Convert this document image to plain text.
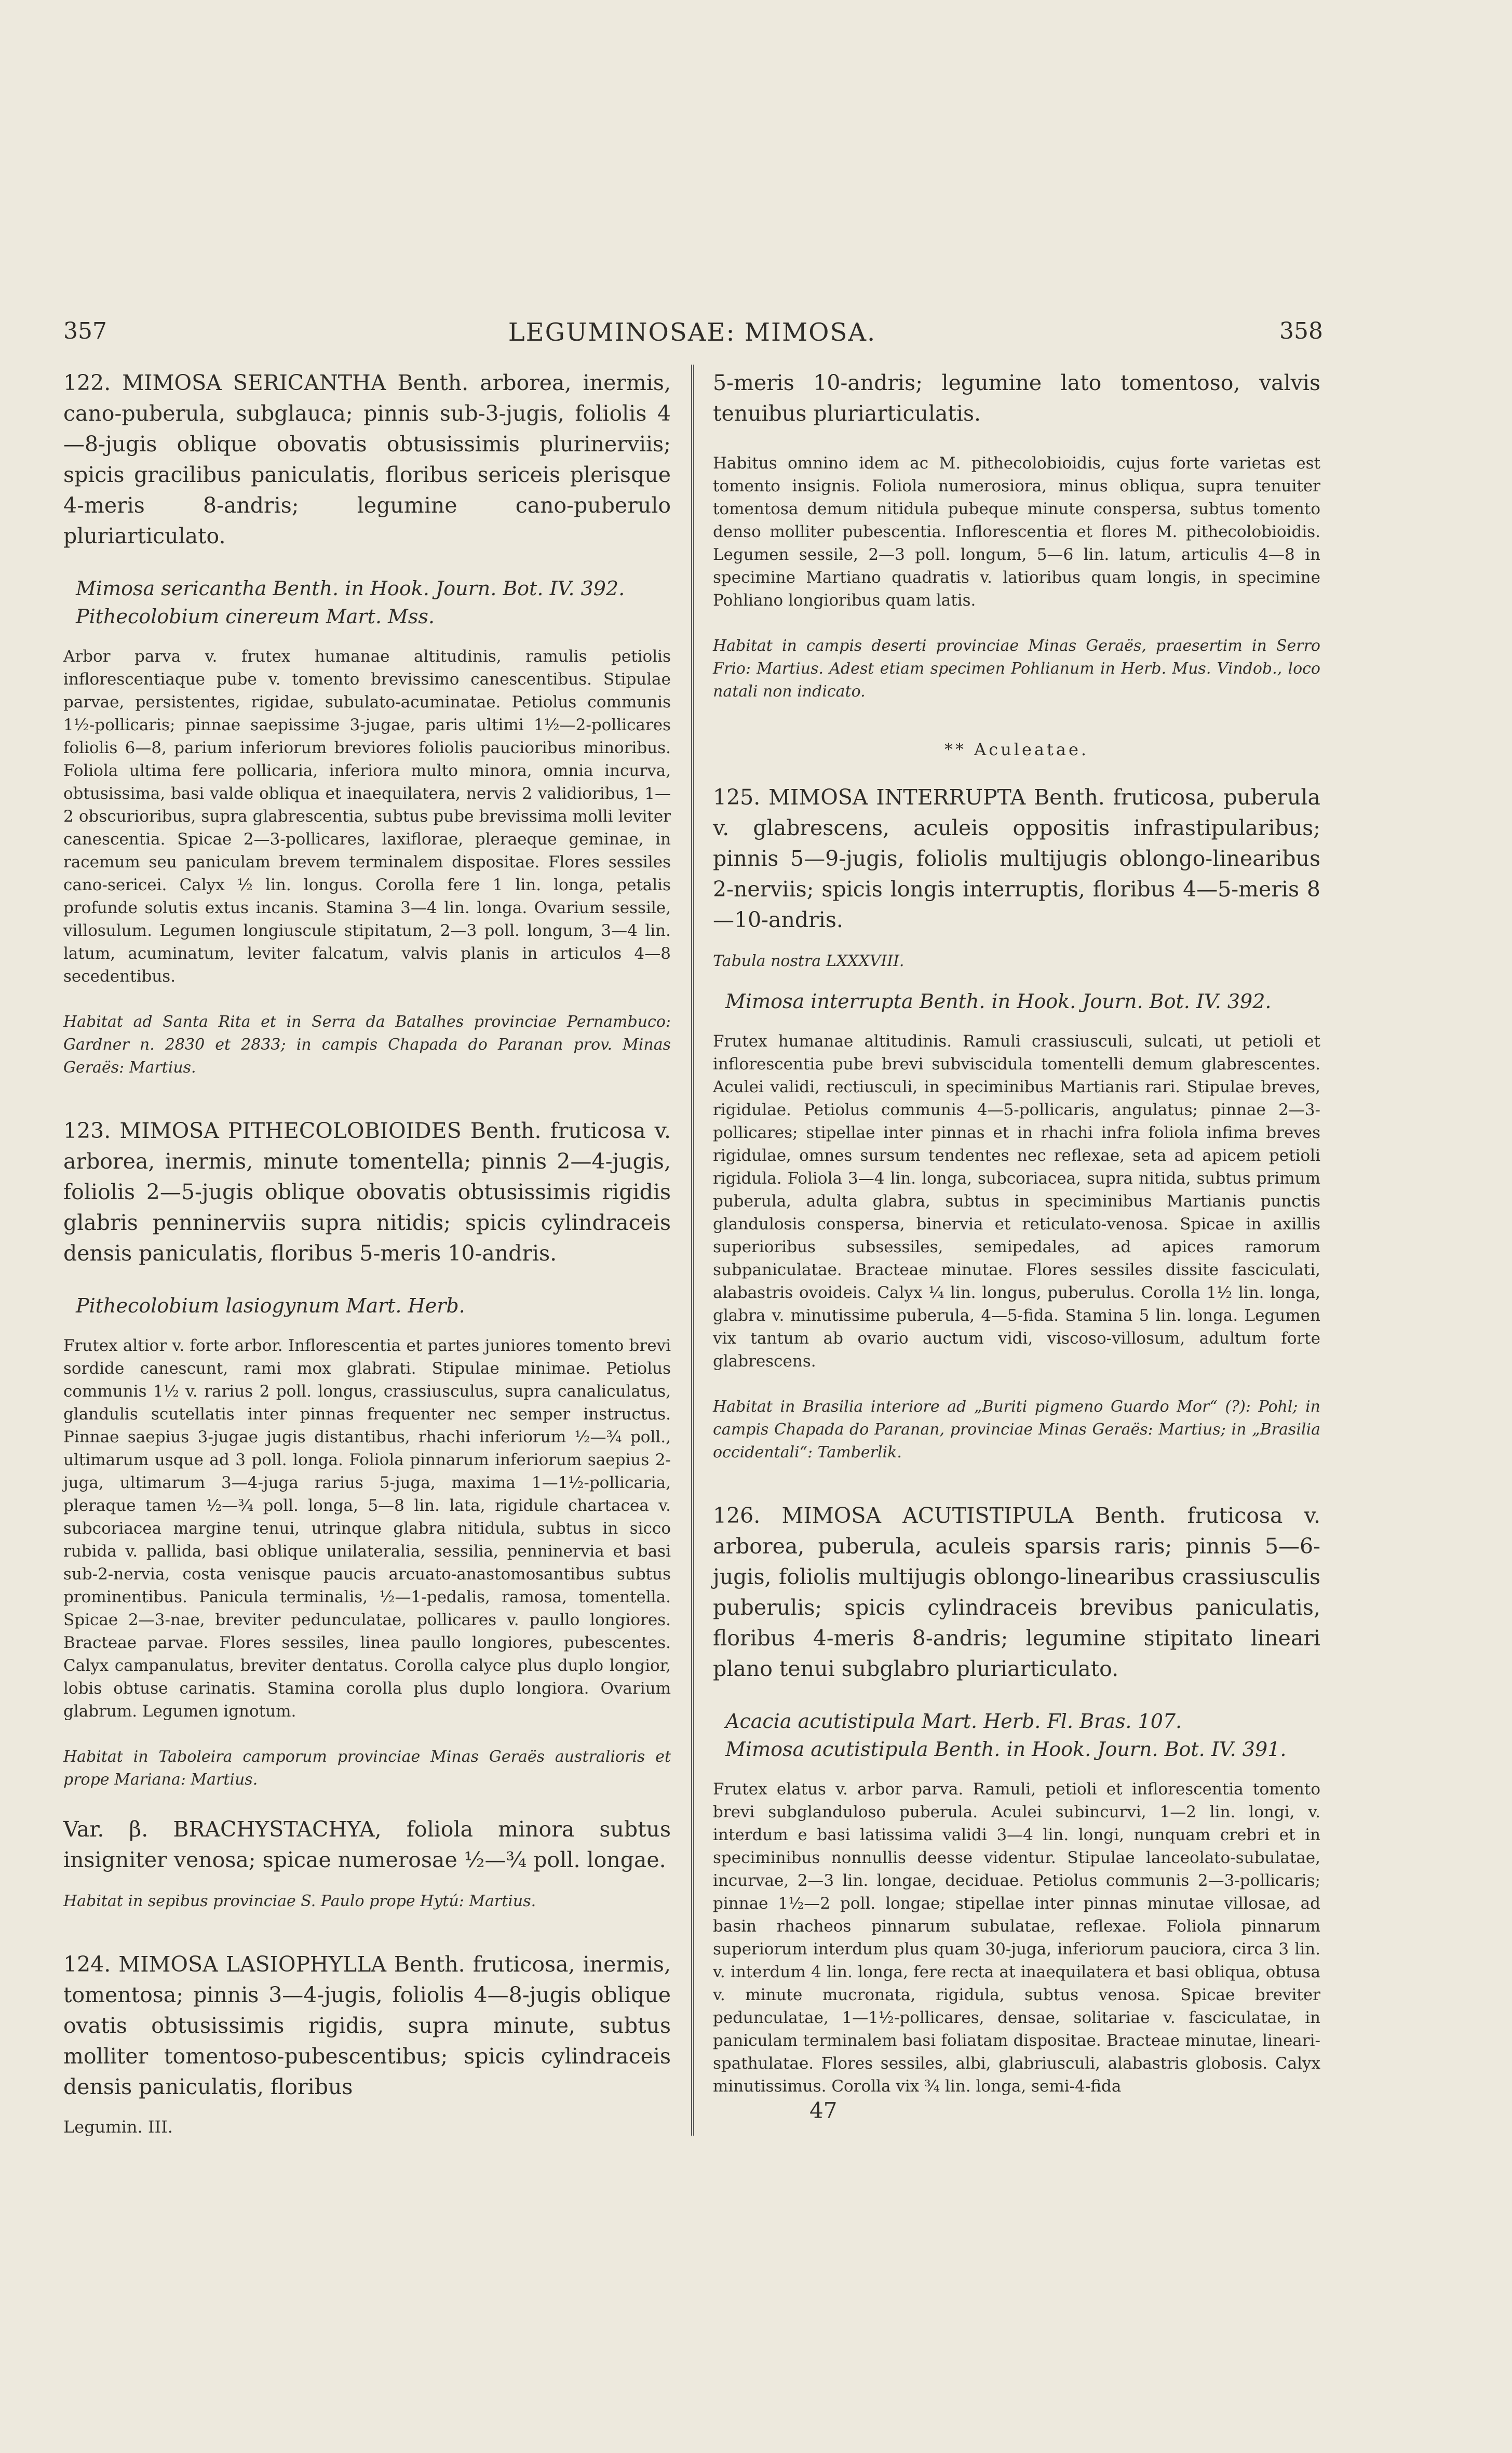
357	LEGUMINOSAE: MIMOSA.	358

122. MIMOSA SERICANTHA Benth. arborea, inermis, cano-puberula, subglauca; pinnis sub-3-jugis, foliolis 4—8-jugis oblique obovatis obtusissimis plurinerviis; spicis gracilibus paniculatis, floribus sericeis plerisque 4-meris 8-andris; legumine cano-puberulo pluriarticulato.

Mimosa sericantha Benth. in Hook. Journ. Bot. IV. 392.

Pithecolobium cinereum Mart. Mss.

Arbor parva v. frutex humanae altitudinis, ramulis petiolis inflorescentiaque pube v. tomento brevissimo canescentibus. Stipulae parvae, persistentes, rigidae, subulato-acuminatae. Petiolus communis 1½-pollicaris; pinnae saepissime 3-jugae, paris ultimi 1½—2-pollicares foliolis 6—8, parium inferiorum breviores foliolis paucioribus minoribus. Foliola ultima fere pollicaria, inferiora multo minora, omnia incurva, obtusissima, basi valde obliqua et inaequilatera, nervis 2 validioribus, 1—2 obscurioribus, supra glabrescentia, subtus pube brevissima molli leviter canescentia. Spicae 2—3-pollicares, laxiflorae, pleraeque geminae, in racemum seu paniculam brevem terminalem dispositae. Flores sessiles cano-sericei. Calyx ½ lin. longus. Corolla fere 1 lin. longa, petalis profunde solutis extus incanis. Stamina 3—4 lin. longa. Ovarium sessile, villosulum. Legumen longiuscule stipitatum, 2—3 poll. longum, 3—4 lin. latum, acuminatum, leviter falcatum, valvis planis in articulos 4—8 secedentibus.

Habitat ad Santa Rita et in Serra da Batalhes provinciae Pernambuco: Gardner n. 2830 et 2833; in campis Chapada do Paranan prov. Minas Geraës: Martius.

123. MIMOSA PITHECOLOBIOIDES Benth. fruticosa v. arborea, inermis, minute tomentella; pinnis 2—4-jugis, foliolis 2—5-jugis oblique obovatis obtusissimis rigidis glabris penninerviis supra nitidis; spicis cylindraceis densis paniculatis, floribus 5-meris 10-andris.

Pithecolobium lasiogynum Mart. Herb.

Frutex altior v. forte arbor. Inflorescentia et partes juniores tomento brevi sordide canescunt, rami mox glabrati. Stipulae minimae. Petiolus communis 1½ v. rarius 2 poll. longus, crassiusculus, supra canaliculatus, glandulis scutellatis inter pinnas frequenter nec semper instructus. Pinnae saepius 3-jugae jugis distantibus, rhachi inferiorum ½—¾ poll., ultimarum usque ad 3 poll. longa. Foliola pinnarum inferiorum saepius 2-juga, ultimarum 3—4-juga rarius 5-juga, maxima 1—1½-pollicaria, pleraque tamen ½—¾ poll. longa, 5—8 lin. lata, rigidule chartacea v. subcoriacea margine tenui, utrinque glabra nitidula, subtus in sicco rubida v. pallida, basi oblique unilateralia, sessilia, penninervia et basi sub-2-nervia, costa venisque paucis arcuato-anastomosantibus subtus prominentibus. Panicula terminalis, ½—1-pedalis, ramosa, tomentella. Spicae 2—3-nae, breviter pedunculatae, pollicares v. paullo longiores. Bracteae parvae. Flores sessiles, linea paullo longiores, pubescentes. Calyx campanulatus, breviter dentatus. Corolla calyce plus duplo longior, lobis obtuse carinatis. Stamina corolla plus duplo longiora. Ovarium glabrum. Legumen ignotum.

Habitat in Taboleira camporum provinciae Minas Geraës australioris et prope Mariana: Martius.

Var. β. BRACHYSTACHYA, foliola minora subtus insigniter venosa; spicae numerosae ½—¾ poll. longae.

Habitat in sepibus provinciae S. Paulo prope Hytú: Martius.

124. MIMOSA LASIOPHYLLA Benth. fruticosa, inermis, tomentosa; pinnis 3—4-jugis, foliolis 4—8-jugis oblique ovatis obtusissimis rigidis, supra minute, subtus molliter tomentoso-pubescentibus; spicis cylindraceis densis paniculatis, floribus

Legumin. III.

5-meris 10-andris; legumine lato tomentoso, valvis tenuibus pluriarticulatis.

Habitus omnino idem ac M. pithecolobioidis, cujus forte varietas est tomento insignis. Foliola numerosiora, minus obliqua, supra tenuiter tomentosa demum nitidula pubeque minute conspersa, subtus tomento denso molliter pubescentia. Inflorescentia et flores M. pithecolobioidis. Legumen sessile, 2—3 poll. longum, 5—6 lin. latum, articulis 4—8 in specimine Martiano quadratis v. latioribus quam longis, in specimine Pohliano longioribus quam latis.

Habitat in campis deserti provinciae Minas Geraës, praesertim in Serro Frio: Martius. Adest etiam specimen Pohlianum in Herb. Mus. Vindob., loco natali non indicato.

** Aculeatae.

125. MIMOSA INTERRUPTA Benth. fruticosa, puberula v. glabrescens, aculeis oppositis infrastipularibus; pinnis 5—9-jugis, foliolis multijugis oblongo-linearibus 2-nerviis; spicis longis interruptis, floribus 4—5-meris 8—10-andris.

Tabula nostra LXXXVIII.

Mimosa interrupta Benth. in Hook. Journ. Bot. IV. 392.

Frutex humanae altitudinis. Ramuli crassiusculi, sulcati, ut petioli et inflorescentia pube brevi subviscidula tomentelli demum glabrescentes. Aculei validi, rectiusculi, in speciminibus Martianis rari. Stipulae breves, rigidulae. Petiolus communis 4—5-pollicaris, angulatus; pinnae 2—3-pollicares; stipellae inter pinnas et in rhachi infra foliola infima breves rigidulae, omnes sursum tendentes nec reflexae, seta ad apicem petioli rigidula. Foliola 3—4 lin. longa, subcoriacea, supra nitida, subtus primum puberula, adulta glabra, subtus in speciminibus Martianis punctis glandulosis conspersa, binervia et reticulato-venosa. Spicae in axillis superioribus subsessiles, semipedales, ad apices ramorum subpaniculatae. Bracteae minutae. Flores sessiles dissite fasciculati, alabastris ovoideis. Calyx ¼ lin. longus, puberulus. Corolla 1½ lin. longa, glabra v. minutissime puberula, 4—5-fida. Stamina 5 lin. longa. Legumen vix tantum ab ovario auctum vidi, viscoso-villosum, adultum forte glabrescens.

Habitat in Brasilia interiore ad „Buriti pigmeno Guardo Mor“ (?): Pohl; in campis Chapada do Paranan, provinciae Minas Geraës: Martius; in „Brasilia occidentali“: Tamberlik.

126. MIMOSA ACUTISTIPULA Benth. fruticosa v. arborea, puberula, aculeis sparsis raris; pinnis 5—6-jugis, foliolis multijugis oblongo-linearibus crassiusculis puberulis; spicis cylindraceis brevibus paniculatis, floribus 4-meris 8-andris; legumine stipitato lineari plano tenui subglabro pluriarticulato.

Acacia acutistipula Mart. Herb. Fl. Bras. 107.

Mimosa acutistipula Benth. in Hook. Journ. Bot. IV. 391.

Frutex elatus v. arbor parva. Ramuli, petioli et inflorescentia tomento brevi subglanduloso puberula. Aculei subincurvi, 1—2 lin. longi, v. interdum e basi latissima validi 3—4 lin. longi, nunquam crebri et in speciminibus nonnullis deesse videntur. Stipulae lanceolato-subulatae, incurvae, 2—3 lin. longae, deciduae. Petiolus communis 2—3-pollicaris; pinnae 1½—2 poll. longae; stipellae inter pinnas minutae villosae, ad basin rhacheos pinnarum subulatae, reflexae. Foliola pinnarum superiorum interdum plus quam 30-juga, inferiorum pauciora, circa 3 lin. v. interdum 4 lin. longa, fere recta at inaequilatera et basi obliqua, obtusa v. minute mucronata, rigidula, subtus venosa. Spicae breviter pedunculatae, 1—1½-pollicares, densae, solitariae v. fasciculatae, in paniculam terminalem basi foliatam dispositae. Bracteae minutae, lineari-spathulatae. Flores sessiles, albi, glabriusculi, alabastris globosis. Calyx minutissimus. Corolla vix ¾ lin. longa, semi-4-fida

47
